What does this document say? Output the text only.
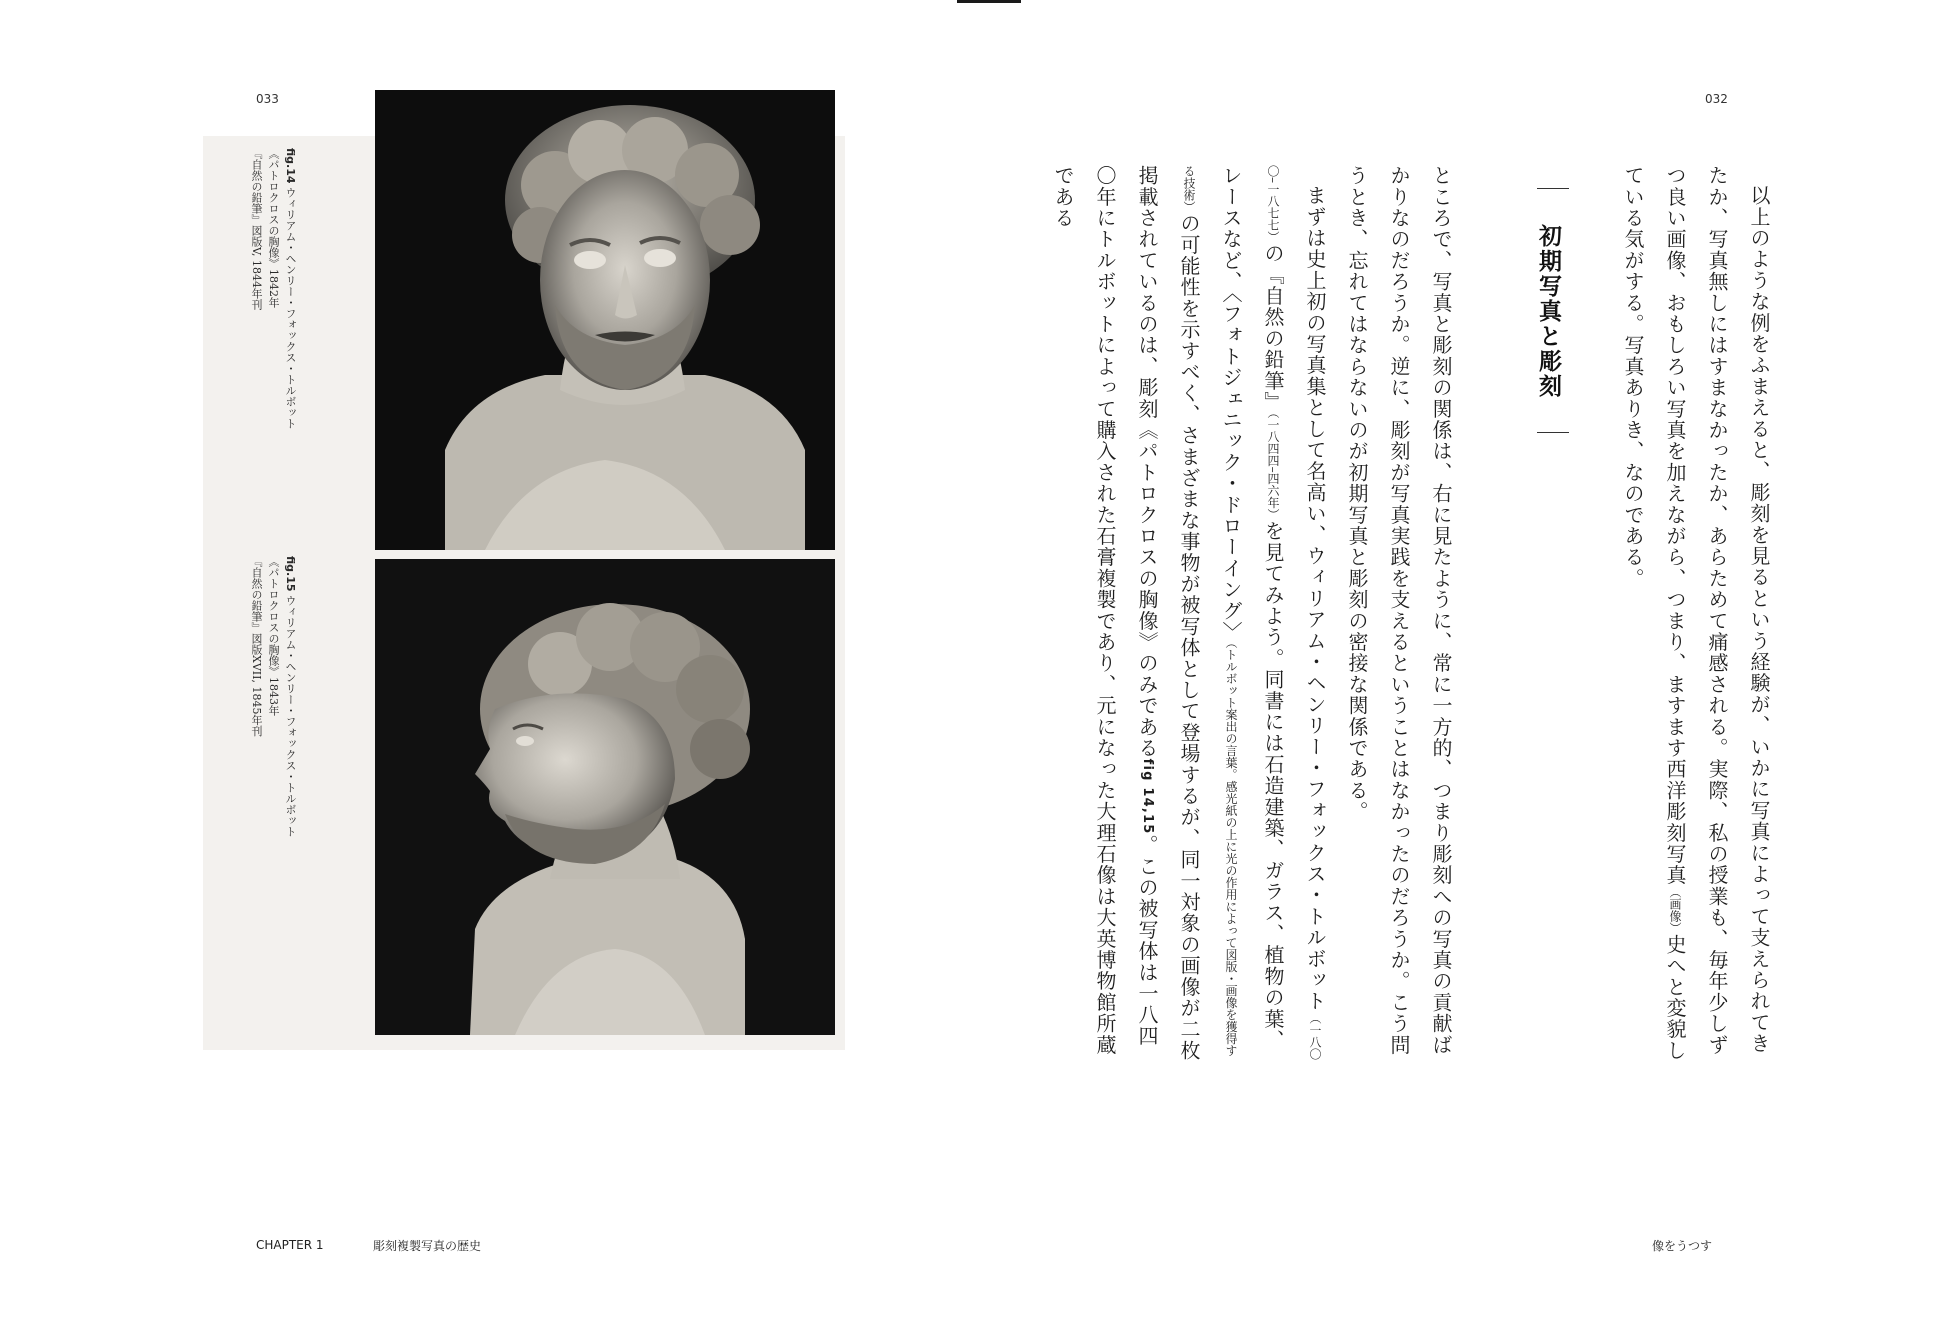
033	032
fig.14 ウィリアム・ヘンリー・フォックス・トルボット
《パトロクロスの胸像》1842年
『自然の鉛筆』図版V, 1844年刊
fig.15 ウィリアム・ヘンリー・フォックス・トルボット
《パトロクロスの胸像》1843年
『自然の鉛筆』図版XVII, 1845年刊
初期写真と彫刻	以上のような例をふまえると、彫刻を見るという経験が、いかに写真によって支えられてきたか、写真無しにはすまなかったか、あらためて痛感される。実際、私の授業も、毎年少しずつ良い画像、おもしろい写真を加えながら、つまり、ますます西洋彫刻写真（画像）史へと変貌している気がする。写真ありき、なのである。

ところで、写真と彫刻の関係は、右に見たように、常に一方的、つまり彫刻への写真の貢献ばかりなのだろうか。逆に、彫刻が写真実践を支えるということはなかったのだろうか。こう問うとき、忘れてはならないのが初期写真と彫刻の密接な関係である。

まずは史上初の写真集として名高い、ウィリアム・ヘンリー・フォックス・トルボット（一八〇〇–一八七七）の『自然の鉛筆』（一八四四–四六年）を見てみよう。同書には石造建築、ガラス、植物の葉、レースなど、〈フォトジェニック・ドローイング〉（トルボット案出の言葉。感光紙の上に光の作用によって図版・画像を獲得する技術）の可能性を示すべく、さまざまな事物が被写体として登場するが、同一対象の画像が二枚掲載されているのは、彫刻《パトロクロスの胸像》のみであるfig 14,15。この被写体は一八四〇年にトルボットによって購入された石膏複製であり、元になった大理石像は大英博物館所蔵である

CHAPTER 1	彫刻複製写真の歴史	像をうつす
